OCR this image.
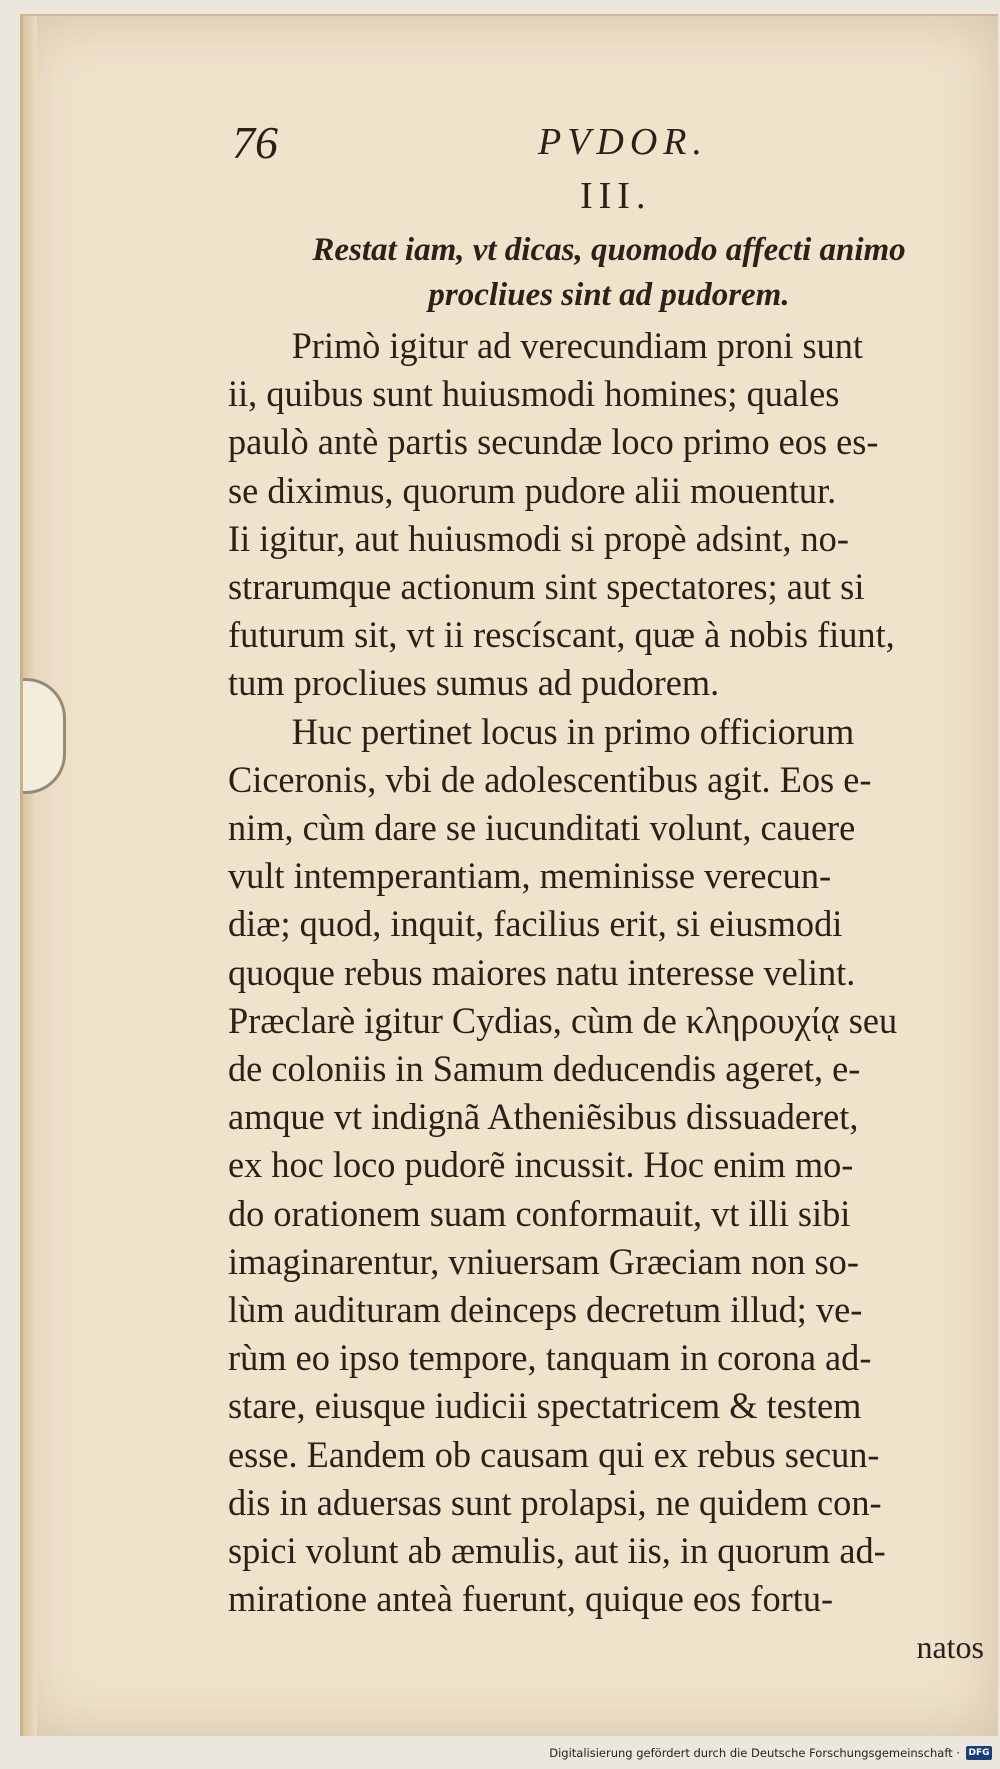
76	PVDOR.
III.
Restat iam, vt dicas, quomodo affecti animo
procliues sint ad pudorem.
Primò igitur ad verecundiam proni sunt
ii, quibus sunt huiusmodi homines; quales
paulò antè partis secundæ loco primo eos es-
se diximus, quorum pudore alii mouentur.
Ii igitur, aut huiusmodi si propè adsint, no-
strarumque actionum sint spectatores; aut si
futurum sit, vt ii rescíscant, quæ à nobis fiunt,
tum procliues sumus ad pudorem.
Huc pertinet locus in primo officiorum
Ciceronis, vbi de adolescentibus agit. Eos e-
nim, cùm dare se iucunditati volunt, cauere
vult intemperantiam, meminisse verecun-
diæ; quod, inquit, facilius erit, si eiusmodi
quoque rebus maiores natu interesse velint.
Præclarè igitur Cydias, cùm de κληρουχίᾳ seu
de coloniis in Samum deducendis ageret, e-
amque vt indignã Atheniẽsibus dissuaderet,
ex hoc loco pudorẽ incussit. Hoc enim mo-
do orationem suam conformauit, vt illi sibi
imaginarentur, vniuersam Græciam non so-
lùm audituram deinceps decretum illud; ve-
rùm eo ipso tempore, tanquam in corona ad-
stare, eiusque iudicii spectatricem & testem
esse. Eandem ob causam qui ex rebus secun-
dis in aduersas sunt prolapsi, ne quidem con-
spici volunt ab æmulis, aut iis, in quorum ad-
miratione anteà fuerunt, quique eos fortu-
natos
Digitalisierung gefördert durch die Deutsche Forschungsgemeinschaft · DFG
